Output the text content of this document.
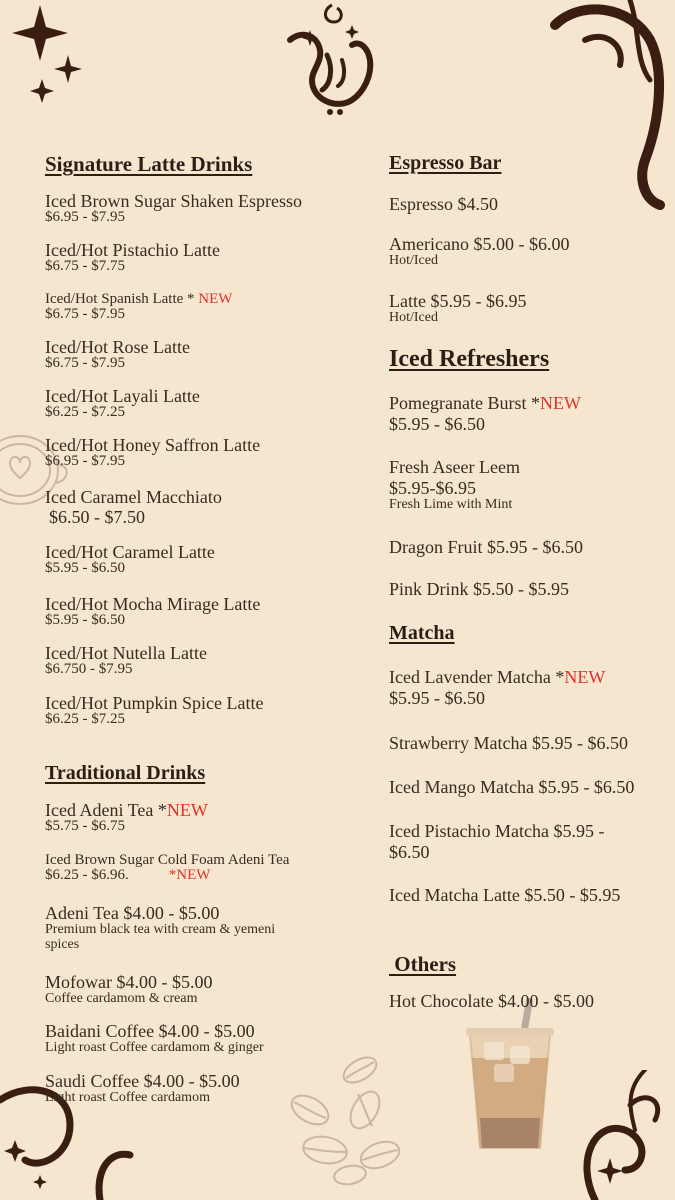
Signature Latte Drinks
Iced Brown Sugar Shaken Espresso
$6.95 - $7.95
Iced/Hot Pistachio Latte
$6.75 - $7.75
Iced/Hot Spanish Latte * NEW
$6.75 - $7.95
Iced/Hot Rose Latte
$6.75 - $7.95
Iced/Hot Layali Latte
$6.25 - $7.25
Iced/Hot Honey Saffron Latte
$6.95 - $7.95
Iced Caramel Macchiato
$6.50 - $7.50
Iced/Hot Caramel Latte
$5.95 - $6.50
Iced/Hot Mocha Mirage Latte
$5.95 - $6.50
Iced/Hot Nutella Latte
$6.750 - $7.95
Iced/Hot Pumpkin Spice Latte
$6.25 - $7.25
Traditional Drinks
Iced Adeni Tea *NEW
$5.75 - $6.75
Iced Brown Sugar Cold Foam Adeni Tea
$6.25 - $6.96.	*NEW
Adeni Tea $4.00 - $5.00
Premium black tea with cream & yemeni
spices
Mofowar $4.00 - $5.00
Coffee cardamom & cream
Baidani Coffee $4.00 - $5.00
Light roast Coffee cardamom & ginger
Saudi Coffee $4.00 - $5.00
Light roast Coffee cardamom
Espresso Bar
Espresso $4.50
Americano $5.00 - $6.00
Hot/Iced
Latte $5.95 - $6.95
Hot/Iced
Iced Refreshers
Pomegranate Burst *NEW
$5.95 - $6.50
Fresh Aseer Leem
$5.95-$6.95
Fresh Lime with Mint
Dragon Fruit $5.95 - $6.50
Pink Drink $5.50 - $5.95
Matcha
Iced Lavender Matcha *NEW
$5.95 - $6.50
Strawberry Matcha $5.95 - $6.50
Iced Mango Matcha $5.95 - $6.50
Iced Pistachio Matcha $5.95 -
$6.50
Iced Matcha Latte $5.50 - $5.95
Others
Hot Chocolate $4.00 - $5.00
